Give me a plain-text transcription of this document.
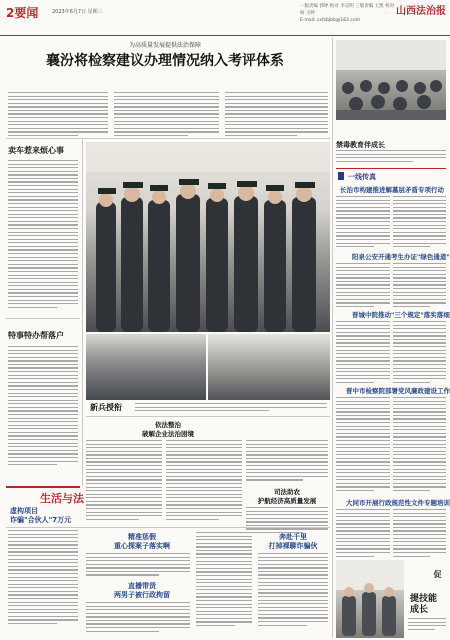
2要闻	2023年6月7日 星期三
一版责编 郭婷 校对 李志明 三版责编 王凯 校对 杨 玉婷
E-mail: sxfzbjbb@163.com
山西法治报
为高质量发展提供法治保障
襄汾将检察建议办理情况纳入考评体系
卖车惹来烦心事
特事特办帮落户
新兵授衔
依法整治
破解企业法治困境
司法助农
护航经济高质量发展
生活与法
虚构项目
诈骗"合伙人"7万元
精准惩假
重心探案子落实啊
直播带货
两男子被行政拘留
奔赴千里
打掉裸聊诈骗伙
禁毒教育伴成长
一线传真
长治市构建推进解墓层矛盾专项行动
阳泉公安开通考生办证"绿色通道"
晋城中院推动"三个规定"落实落细
晋中市检察院部署党风廉政建设工作
大同市开展行政规范性文件专题培训
提技能 成长
促
